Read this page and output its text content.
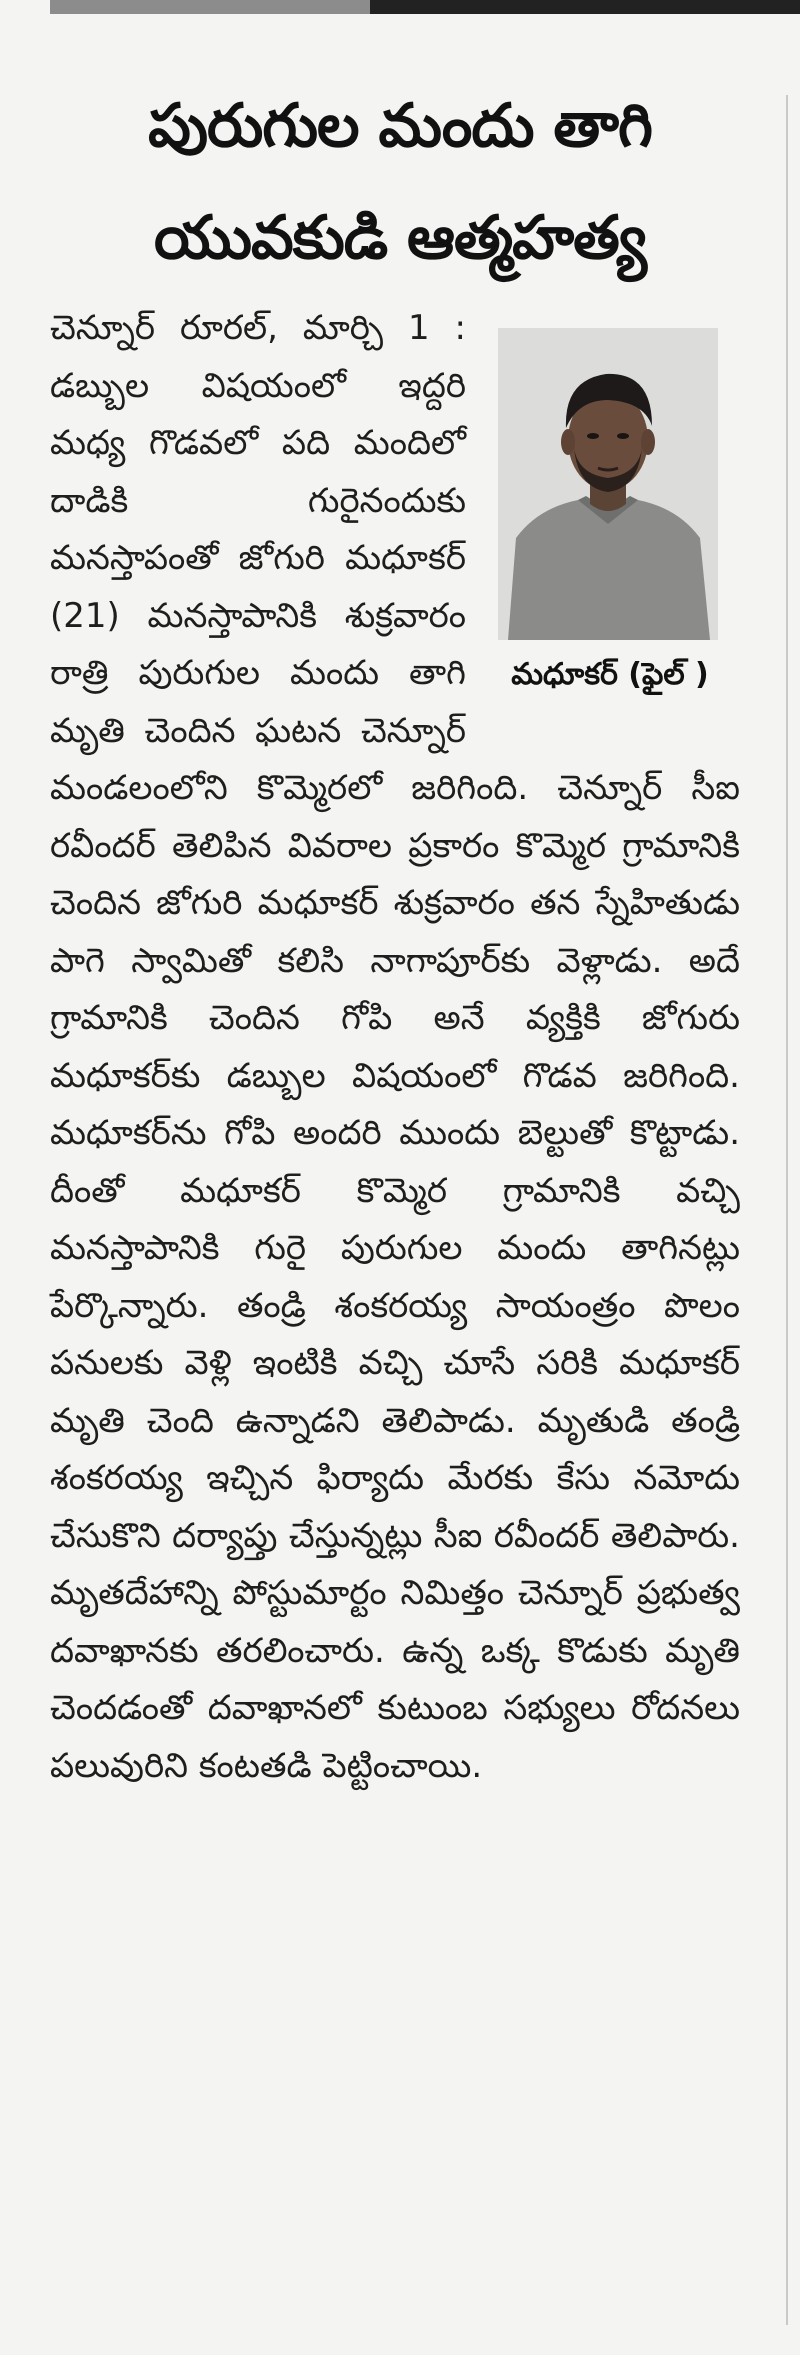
పురుగుల మందు తాగి
యువకుడి ఆత్మహత్య
మధూకర్ (ఫైల్ )

చెన్నూర్ రూరల్, మార్చి 1 : డబ్బుల విషయంలో ఇద్దరి మధ్య గొడవలో పది మందిలో దాడికి గురైనందుకు మనస్తాపంతో జోగురి మధూకర్ (21) మనస్తాపానికి శుక్రవారం రాత్రి పురుగుల మందు తాగి మృతి చెందిన ఘటన చెన్నూర్ మండలంలోని కొమ్మెరలో జరిగింది. చెన్నూర్ సీఐ రవీందర్ తెలిపిన వివరాల ప్రకారం కొమ్మెర గ్రామానికి చెందిన జోగురి మధూకర్ శుక్రవారం తన స్నేహితుడు పాగె స్వామితో కలిసి నాగాపూర్‌కు వెళ్లాడు. అదే గ్రామానికి చెందిన గోపి అనే వ్యక్తికి జోగురు మధూకర్‌కు డబ్బుల విషయంలో గొడవ జరిగింది. మధూకర్‌ను గోపి అందరి ముందు బెల్టుతో కొట్టాడు. దీంతో మధూకర్ కొమ్మెర గ్రామానికి వచ్చి మనస్తాపానికి గురై పురుగుల మందు తాగినట్లు పేర్కొన్నారు. తండ్రి శంకరయ్య సాయంత్రం పొలం పనులకు వెళ్లి ఇంటికి వచ్చి చూసే సరికి మధూకర్ మృతి చెంది ఉన్నాడని తెలిపాడు. మృతుడి తండ్రి శంకరయ్య ఇచ్చిన ఫిర్యాదు మేరకు కేసు నమోదు చేసుకొని దర్యాప్తు చేస్తున్నట్లు సీఐ రవీందర్ తెలిపారు. మృతదేహాన్ని పోస్టుమార్టం నిమిత్తం చెన్నూర్ ప్రభుత్వ దవాఖానకు తరలించారు. ఉన్న ఒక్క కొడుకు మృతి చెందడంతో దవాఖానలో కుటుంబ సభ్యులు రోదనలు పలువురిని కంటతడి పెట్టించాయి.
